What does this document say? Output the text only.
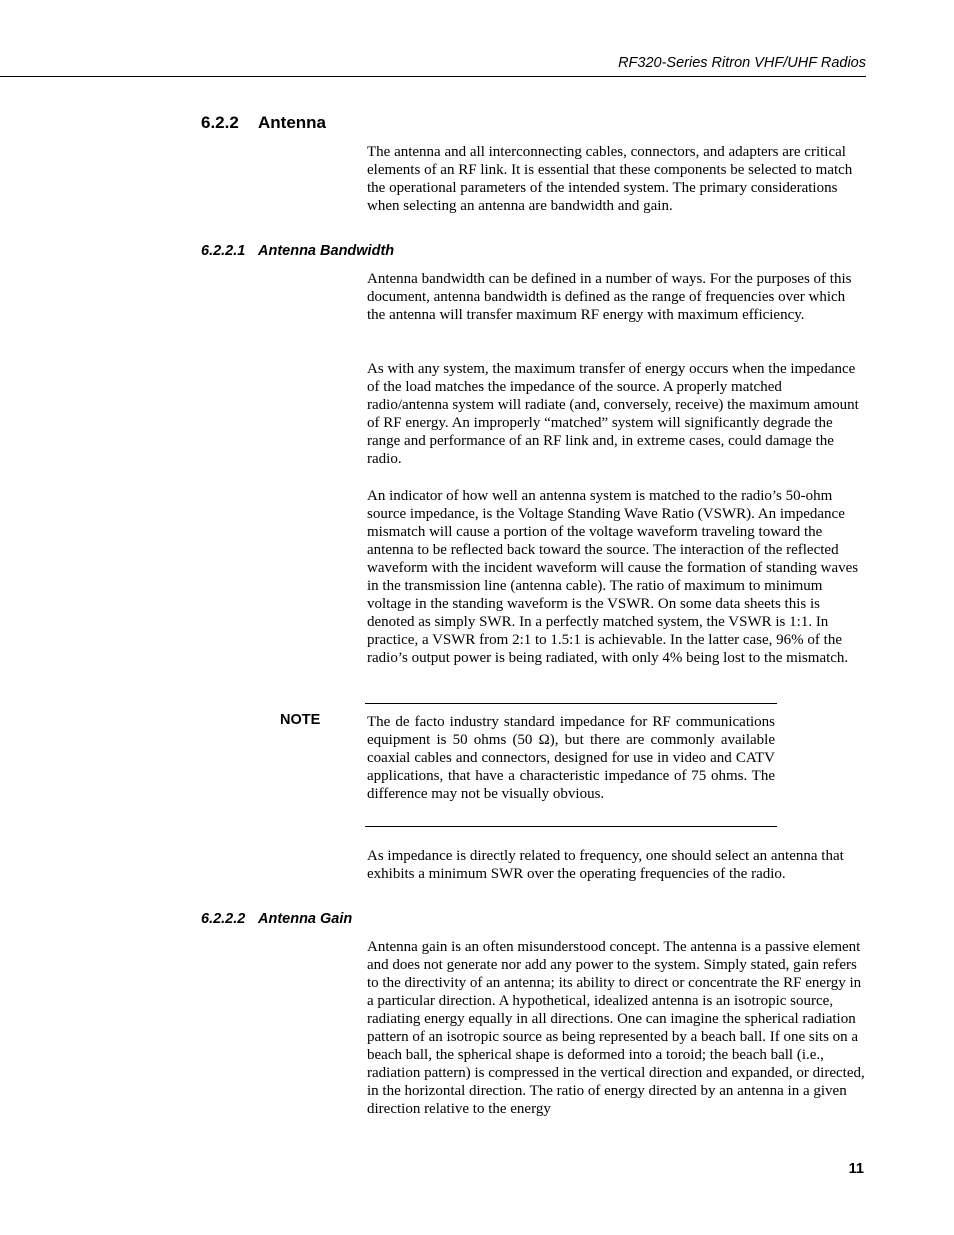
RF320-Series Ritron VHF/UHF Radios
6.2.2 Antenna

The antenna and all interconnecting cables, connectors, and adapters are critical elements of an RF link. It is essential that these components be selected to match the operational parameters of the intended system. The primary considerations when selecting an antenna are bandwidth and gain.

6.2.2.1 Antenna Bandwidth

Antenna bandwidth can be defined in a number of ways. For the purposes of this document, antenna bandwidth is defined as the range of frequencies over which the antenna will transfer maximum RF energy with maximum efficiency.

As with any system, the maximum transfer of energy occurs when the impedance of the load matches the impedance of the source. A properly matched radio/antenna system will radiate (and, conversely, receive) the maximum amount of RF energy. An improperly “matched” system will significantly degrade the range and performance of an RF link and, in extreme cases, could damage the radio.

An indicator of how well an antenna system is matched to the radio’s 50-ohm source impedance, is the Voltage Standing Wave Ratio (VSWR). An impedance mismatch will cause a portion of the voltage waveform traveling toward the antenna to be reflected back toward the source. The interaction of the reflected waveform with the incident waveform will cause the formation of standing waves in the transmission line (antenna cable). The ratio of maximum to minimum voltage in the standing waveform is the VSWR. On some data sheets this is denoted as simply SWR. In a perfectly matched system, the VSWR is 1:1. In practice, a VSWR from 2:1 to 1.5:1 is achievable. In the latter case, 96% of the radio’s output power is being radiated, with only 4% being lost to the mismatch.

NOTE	The de facto industry standard impedance for RF communications equipment is 50 ohms (50 Ω), but there are commonly available coaxial cables and connectors, designed for use in video and CATV applications, that have a characteristic impedance of 75 ohms. The difference may not be visually obvious.

As impedance is directly related to frequency, one should select an antenna that exhibits a minimum SWR over the operating frequencies of the radio.

6.2.2.2 Antenna Gain

Antenna gain is an often misunderstood concept. The antenna is a passive element and does not generate nor add any power to the system. Simply stated, gain refers to the directivity of an antenna; its ability to direct or concentrate the RF energy in a particular direction. A hypothetical, idealized antenna is an isotropic source, radiating energy equally in all directions. One can imagine the spherical radiation pattern of an isotropic source as being represented by a beach ball. If one sits on a beach ball, the spherical shape is deformed into a toroid; the beach ball (i.e., radiation pattern) is compressed in the vertical direction and expanded, or directed, in the horizontal direction. The ratio of energy directed by an antenna in a given direction relative to the energy

11
